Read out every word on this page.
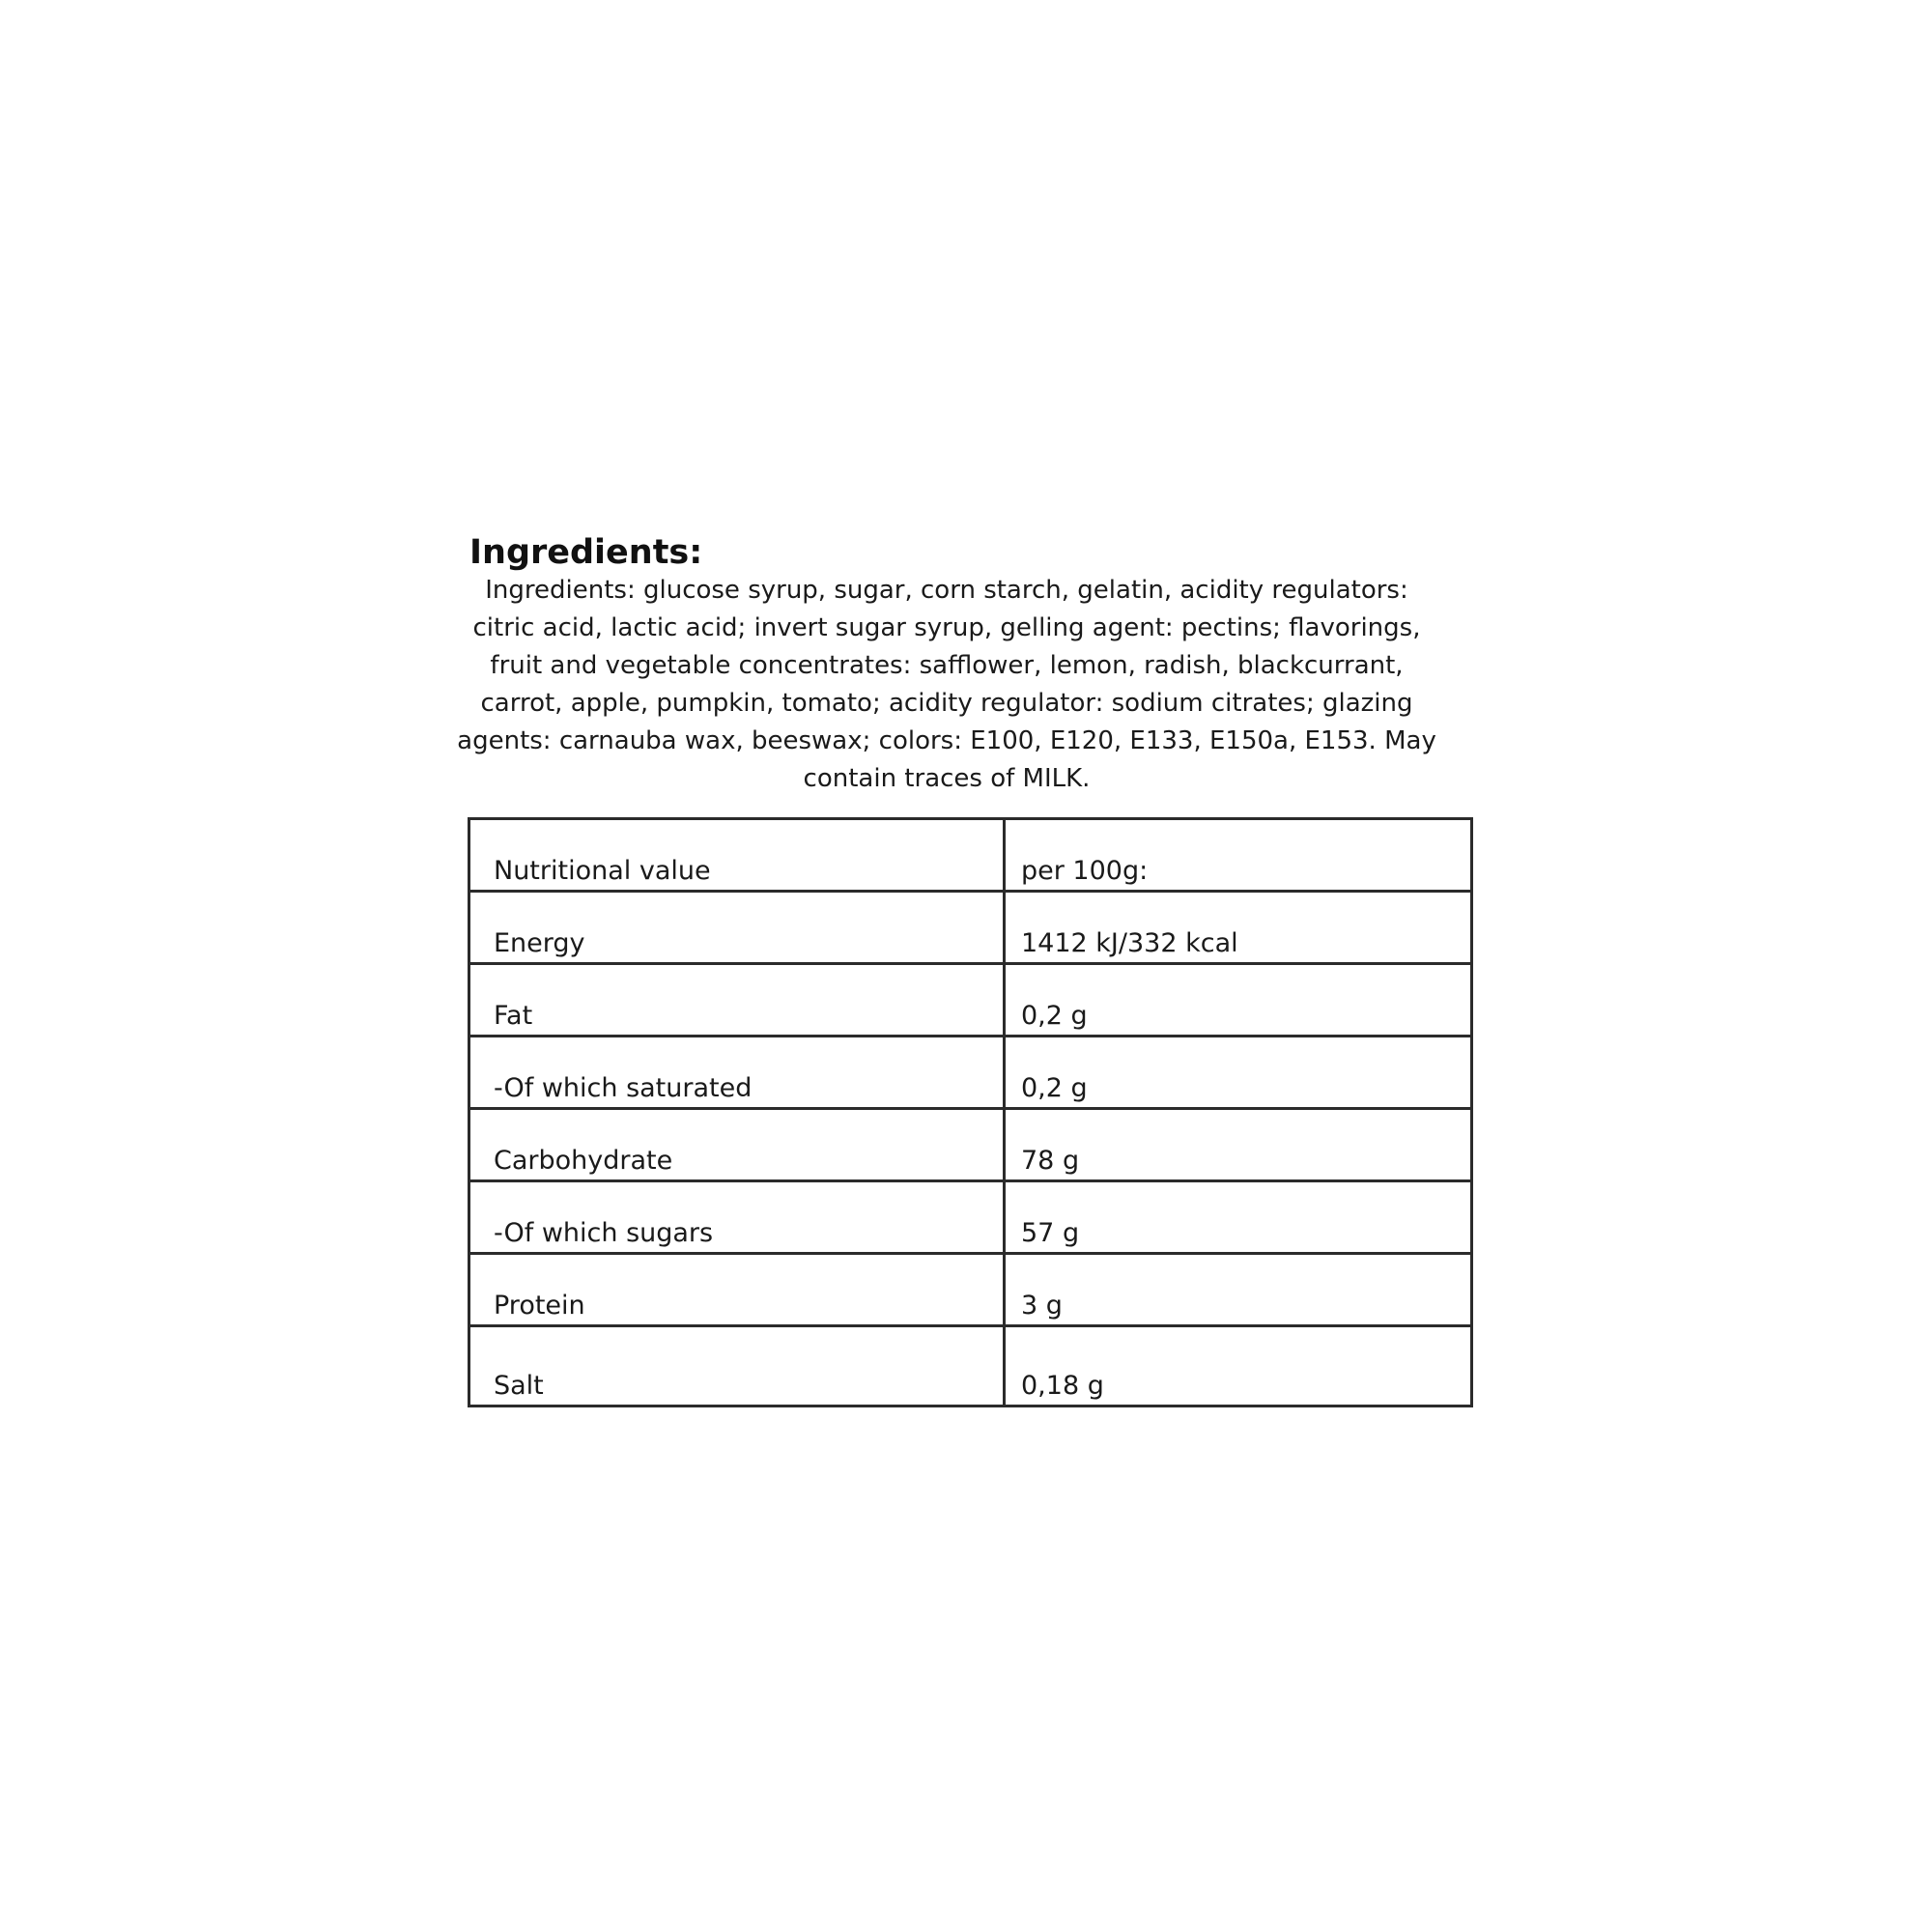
Ingredients:

Ingredients: glucose syrup, sugar, corn starch, gelatin, acidity regulators: citric acid, lactic acid; invert sugar syrup, gelling agent: pectins; flavorings, fruit and vegetable concentrates: safflower, lemon, radish, blackcurrant, carrot, apple, pumpkin, tomato; acidity regulator: sodium citrates; glazing agents: carnauba wax, beeswax; colors: E100, E120, E133, E150a, E153. May contain traces of MILK.

Nutritional value	per 100g:

Energy	1412 kJ/332 kcal

Fat	0,2 g

-Of which saturated	0,2 g

Carbohydrate	78 g

-Of which sugars	57 g

Protein	3 g

Salt	0,18 g
